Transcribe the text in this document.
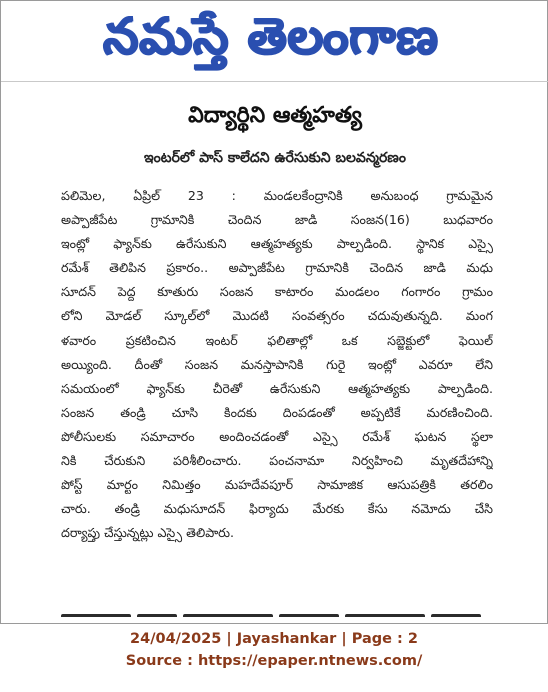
నమస్తే తెలంగాణ
విద్యార్థిని ఆత్మహత్య
ఇంటర్‌లో పాస్ కాలేదని ఉరేసుకుని బలవన్మరణం
పలిమెల, ఏప్రిల్ 23 : మండలకేంద్రానికి అనుబంధ గ్రామమైన
అప్పాజీపేట గ్రామానికి చెందిన జాడి సంజన(16) బుధవారం
ఇంట్లో ఫ్యాన్‌కు ఉరేసుకుని ఆత్మహత్యకు పాల్పడింది. స్థానిక ఎస్సై
రమేశ్ తెలిపిన ప్రకారం.. అప్పాజీపేట గ్రామానికి చెందిన జాడి మధు
సూదన్ పెద్ద కూతురు సంజన కాటారం మండలం గంగారం గ్రామం
లోని మోడల్ స్కూల్‌లో మొదటి సంవత్సరం చదువుతున్నది. మంగ
ళవారం ప్రకటించిన ఇంటర్ ఫలితాల్లో ఒక సబ్జెక్టులో ఫెయిల్
అయ్యింది. దీంతో సంజన మనస్తాపానికి గురై ఇంట్లో ఎవరూ లేని
సమయంలో ఫ్యాన్‌కు చీరెతో ఉరేసుకుని ఆత్మహత్యకు పాల్పడింది.
సంజన తండ్రి చూసి కిందకు దింపడంతో అప్పటికే మరణించింది.
పోలీసులకు సమాచారం అందించడంతో ఎస్సై రమేశ్ ఘటన స్థలా
నికి చేరుకుని పరిశీలించారు. పంచనామా నిర్వహించి మృతదేహాన్ని
పోస్ట్ మార్టం నిమిత్తం మహదేవపూర్ సామాజిక ఆసుపత్రికి తరలిం
చారు. తండ్రి మధుసూదన్ ఫిర్యాదు మేరకు కేసు నమోదు చేసి
దర్యాప్తు చేస్తున్నట్లు ఎస్సై తెలిపారు.
24/04/2025 | Jayashankar | Page : 2
Source : https://epaper.ntnews.com/
